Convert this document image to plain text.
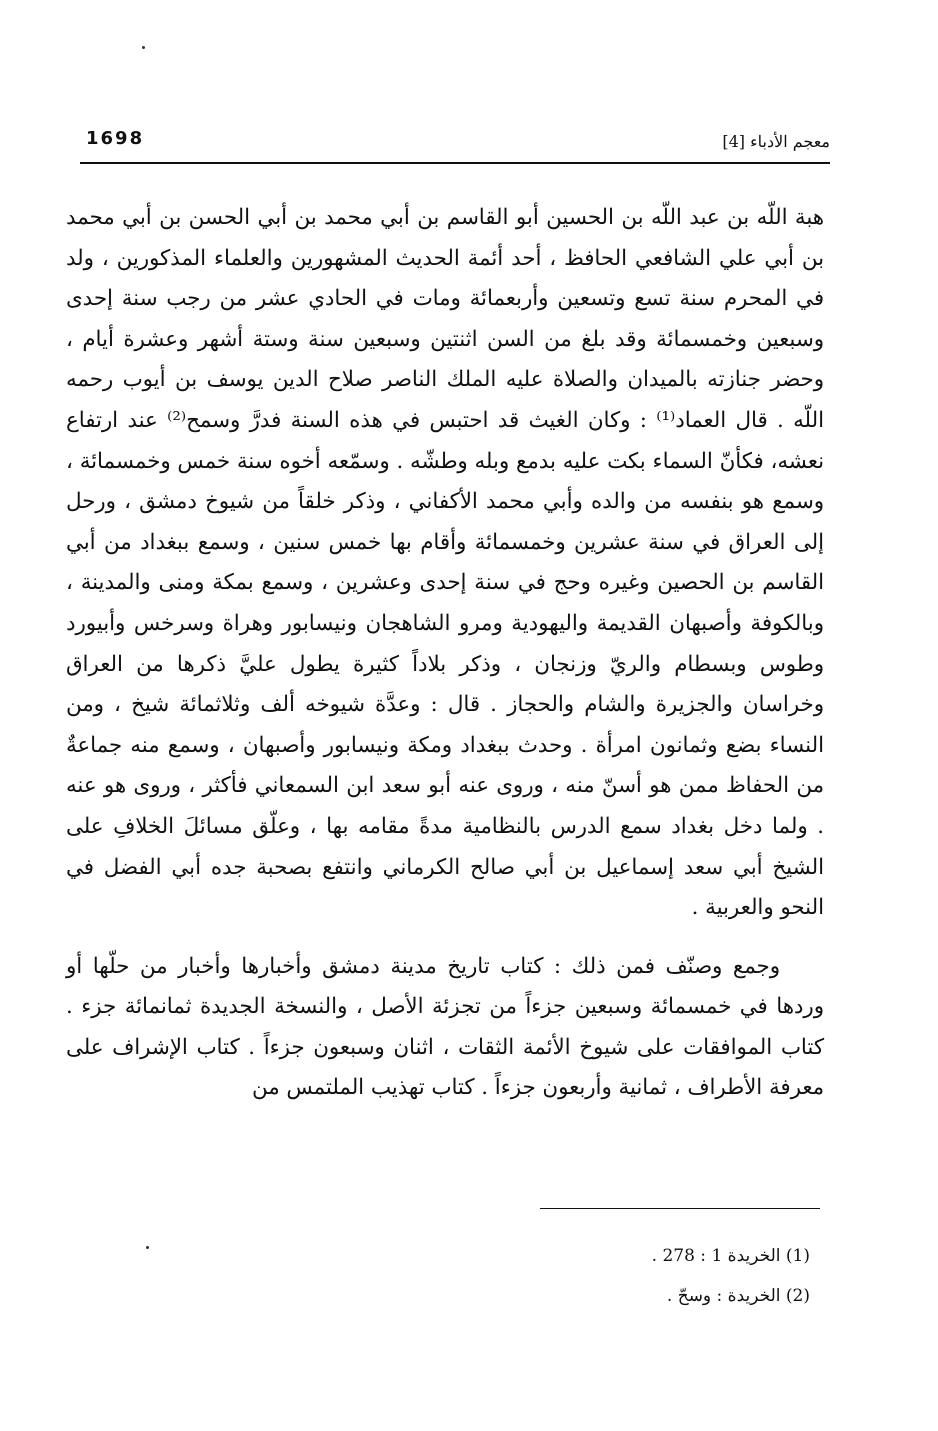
1698	معجم الأدباء [4]

هبة اللّه بن عبد اللّه بن الحسين أبو القاسم بن أبي محمد بن أبي الحسن بن أبي محمد بن أبي علي الشافعي الحافظ ، أحد أئمة الحديث المشهورين والعلماء المذكورين ، ولد في المحرم سنة تسع وتسعين وأربعمائة ومات في الحادي عشر من رجب سنة إحدى وسبعين وخمسمائة وقد بلغ من السن اثنتين وسبعين سنة وستة أشهر وعشرة أيام ، وحضر جنازته بالميدان والصلاة عليه الملك الناصر صلاح الدين يوسف بن أيوب رحمه اللّه . قال العماد⁽¹⁾ : وكان الغيث قد احتبس في هذه السنة فدرَّ وسمح⁽²⁾ عند ارتفاع نعشه، فكأنّ السماء بكت عليه بدمع وبله وطشّه . وسمّعه أخوه سنة خمس وخمسمائة ، وسمع هو بنفسه من والده وأبي محمد الأكفاني ، وذكر خلقاً من شيوخ دمشق ، ورحل إلى العراق في سنة عشرين وخمسمائة وأقام بها خمس سنين ، وسمع ببغداد من أبي القاسم بن الحصين وغيره وحج في سنة إحدى وعشرين ، وسمع بمكة ومنى والمدينة ، وبالكوفة وأصبهان القديمة واليهودية ومرو الشاهجان ونيسابور وهراة وسرخس وأبيورد وطوس وبسطام والريّ وزنجان ، وذكر بلاداً كثيرة يطول عليَّ ذكرها من العراق وخراسان والجزيرة والشام والحجاز . قال : وعدَّة شيوخه ألف وثلاثمائة شيخ ، ومن النساء بضع وثمانون امرأة . وحدث ببغداد ومكة ونيسابور وأصبهان ، وسمع منه جماعةٌ من الحفاظ ممن هو أسنّ منه ، وروى عنه أبو سعد ابن السمعاني فأكثر ، وروى هو عنه . ولما دخل بغداد سمع الدرس بالنظامية مدةً مقامه بها ، وعلّق مسائلَ الخلافِ على الشيخ أبي سعد إسماعيل بن أبي صالح الكرماني وانتفع بصحبة جده أبي الفضل في النحو والعربية .

وجمع وصنّف فمن ذلك : كتاب تاريخ مدينة دمشق وأخبارها وأخبار من حلّها أو وردها في خمسمائة وسبعين جزءاً من تجزئة الأصل ، والنسخة الجديدة ثمانمائة جزء . كتاب الموافقات على شيوخ الأئمة الثقات ، اثنان وسبعون جزءاً . كتاب الإشراف على معرفة الأطراف ، ثمانية وأربعون جزءاً . كتاب تهذيب الملتمس من

(1) الخريدة 1 : 278 .
(2) الخريدة : وسحّ .
